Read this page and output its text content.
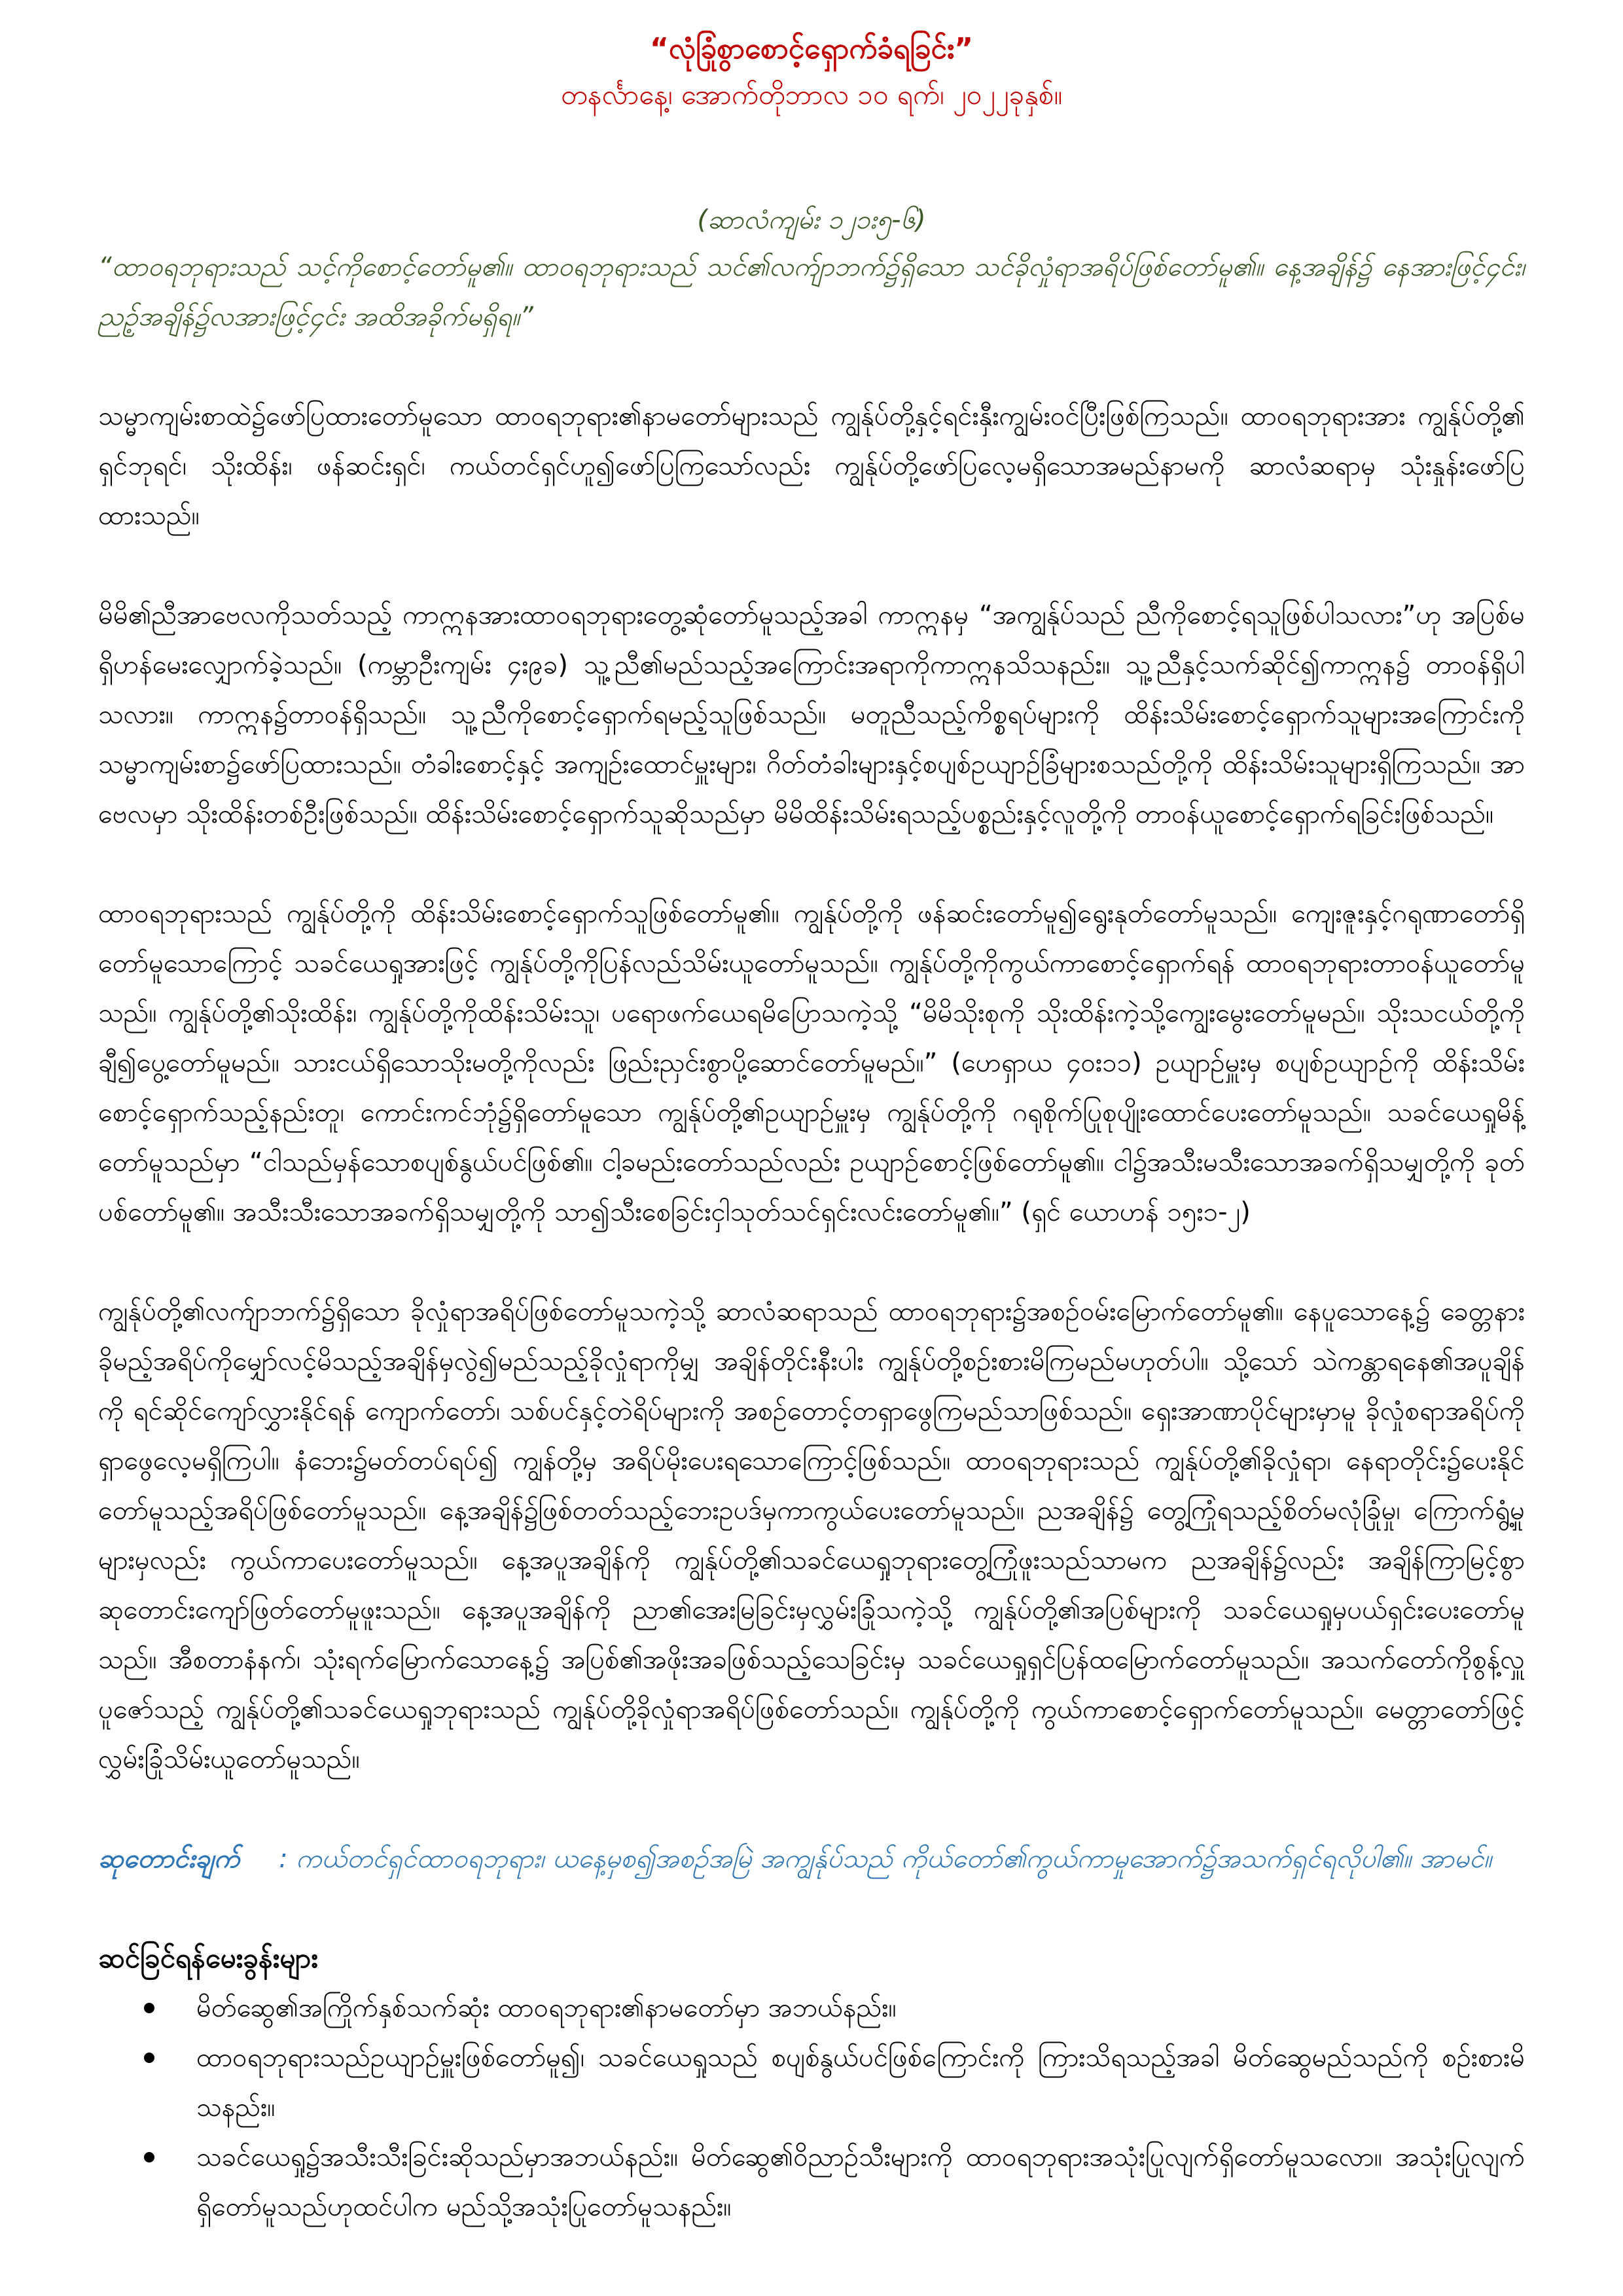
“လုံခြုံစွာစောင့်ရှောက်ခံရခြင်း”
တနင်္လာနေ့၊ အောက်တိုဘာလ ၁၀ ရက်၊ ၂၀၂၂ခုနှစ်။
(ဆာလံကျမ်း ၁၂၁း၅-၆)

“ထာဝရဘုရားသည် သင့်ကိုစောင့်တော်မူ၏။ ထာဝရဘုရားသည် သင်၏လက်ျာဘက်၌ရှိသော သင်ခိုလှုံရာအရိပ်ဖြစ်တော်မူ၏။ နေ့အချိန်၌ နေအားဖြင့်၄င်း၊ ညဥ့်အချိန်၌လအားဖြင့်၄င်း အထိအခိုက်မရှိရ။”

သမ္မာကျမ်းစာထဲ၌ဖော်ပြထားတော်မူသော ထာဝရဘုရား၏နာမတော်များသည် ကျွန်ုပ်တို့နှင့်ရင်းနှီးကျွမ်းဝင်ပြီးဖြစ်ကြသည်။ ထာဝရဘုရားအား ကျွန်ုပ်တို့၏ ရှင်ဘုရင်၊ သိုးထိန်း၊ ဖန်ဆင်းရှင်၊ ကယ်တင်ရှင်ဟူ၍ဖော်ပြကြသော်လည်း ကျွန်ုပ်တို့ဖော်ပြလေ့မရှိသောအမည်နာမကို ဆာလံဆရာမှ သုံးနှုန်းဖော်ပြထားသည်။

မိမိ၏ညီအာဗေလကိုသတ်သည့် ကာဣနအားထာဝရဘုရားတွေ့ဆုံတော်မူသည့်အခါ ကာဣနမှ “အကျွန်ုပ်သည် ညီကိုစောင့်ရသူဖြစ်ပါသလား”ဟု အပြစ်မရှိဟန်မေးလျှောက်ခဲ့သည်။ (ကမ္ဘာဦးကျမ်း ၄း၉ခ) သူ့ညီ၏မည်သည့်အကြောင်းအရာကိုကာဣနသိသနည်း။ သူ့ညီနှင့်သက်ဆိုင်၍ကာဣန၌ တာဝန်ရှိပါသလား။ ကာဣန၌တာဝန်ရှိသည်။ သူ့ညီကိုစောင့်ရှောက်ရမည့်သူဖြစ်သည်။ မတူညီသည့်ကိစ္စရပ်များကို ထိန်းသိမ်းစောင့်ရှောက်သူများအကြောင်းကို သမ္မာကျမ်းစာ၌ဖော်ပြထားသည်။ တံခါးစောင့်နှင့် အကျဉ်းထောင်မှူးများ၊ ဂိတ်တံခါးများနှင့်စပျစ်ဥယျာဉ်ခြံများစသည်တို့ကို ထိန်းသိမ်းသူများရှိကြသည်။ အာဗေလမှာ သိုးထိန်းတစ်ဦးဖြစ်သည်။ ထိန်းသိမ်းစောင့်ရှောက်သူဆိုသည်မှာ မိမိထိန်းသိမ်းရသည့်ပစ္စည်းနှင့်လူတို့ကို တာဝန်ယူစောင့်ရှောက်ရခြင်းဖြစ်သည်။

ထာဝရဘုရားသည် ကျွန်ုပ်တို့ကို ထိန်းသိမ်းစောင့်ရှောက်သူဖြစ်တော်မူ၏။ ကျွန်ုပ်တို့ကို ဖန်ဆင်းတော်မူ၍ရွေးနုတ်တော်မူသည်။ ကျေးဇူးနှင့်ဂရုဏာတော်ရှိတော်မူသောကြောင့် သခင်ယေရှုအားဖြင့် ကျွန်ုပ်တို့ကိုပြန်လည်သိမ်းယူတော်မူသည်။ ကျွန်ုပ်တို့ကိုကွယ်ကာစောင့်ရှောက်ရန် ထာဝရဘုရားတာဝန်ယူတော်မူသည်။ ကျွန်ုပ်တို့၏သိုးထိန်း၊ ကျွန်ုပ်တို့ကိုထိန်းသိမ်းသူ၊ ပရောဖက်ယေရမိပြောသကဲ့သို့ “မိမိသိုးစုကို သိုးထိန်းကဲ့သို့ကျွေးမွေးတော်မူမည်။ သိုးသငယ်တို့ကို ချီ၍ပွေ့တော်မူမည်။ သားငယ်ရှိသောသိုးမတို့ကိုလည်း ဖြည်းညှင်းစွာပို့ဆောင်တော်မူမည်။” (ဟေရှာယ ၄၀း၁၁) ဥယျာဉ်မှူးမှ စပျစ်ဥယျာဉ်ကို ထိန်းသိမ်းစောင့်ရှောက်သည့်နည်းတူ၊ ကောင်းကင်ဘုံ၌ရှိတော်မူသော ကျွန်ုပ်တို့၏ဥယျာဉ်မှူးမှ ကျွန်ုပ်တို့ကို ဂရုစိုက်ပြုစုပျိုးထောင်ပေးတော်မူသည်။ သခင်ယေရှုမိန့်တော်မူသည်မှာ “ငါသည်မှန်သောစပျစ်နွယ်ပင်ဖြစ်၏။ ငါ့ခမည်းတော်သည်လည်း ဥယျာဉ်စောင့်ဖြစ်တော်မူ၏။ ငါ၌အသီးမသီးသောအခက်ရှိသမျှတို့ကို ခုတ်ပစ်တော်မူ၏။ အသီးသီးသောအခက်ရှိသမျှတို့ကို သာ၍သီးစေခြင်းငှါသုတ်သင်ရှင်းလင်းတော်မူ၏။” (ရှင် ယောဟန် ၁၅း၁-၂)

ကျွန်ုပ်တို့၏လက်ျာဘက်၌ရှိသော ခိုလှုံရာအရိပ်ဖြစ်တော်မူသကဲ့သို့ ဆာလံဆရာသည် ထာဝရဘုရား၌အစဉ်ဝမ်းမြောက်တော်မူ၏။ နေပူသောနေ့၌ ခေတ္တနားခိုမည့်အရိပ်ကိုမျှော်လင့်မိသည့်အချိန်မှလွဲ၍မည်သည့်ခိုလှုံရာကိုမျှ အချိန်တိုင်းနီးပါး ကျွန်ုပ်တို့စဉ်းစားမိကြမည်မဟုတ်ပါ။ သို့သော် သဲကန္တာရနေ၏အပူချိန်ကို ရင်ဆိုင်ကျော်လွှားနိုင်ရန် ကျောက်တော်၊ သစ်ပင်နှင့်တဲရိပ်များကို အစဉ်တောင့်တရှာဖွေကြမည်သာဖြစ်သည်။ ရှေးအာဏာပိုင်များမှာမူ ခိုလှုံစရာအရိပ်ကိုရှာဖွေလေ့မရှိကြပါ။ နံဘေး၌မတ်တပ်ရပ်၍ ကျွန်တို့မှ အရိပ်မိုးပေးရသောကြောင့်ဖြစ်သည်။ ထာဝရဘုရားသည် ကျွန်ုပ်တို့၏ခိုလှုံရာ၊ နေရာတိုင်း၌ပေးနိုင်တော်မူသည့်အရိပ်ဖြစ်တော်မူသည်။ နေ့အချိန်၌ဖြစ်တတ်သည့်ဘေးဥပဒ်မှကာကွယ်ပေးတော်မူသည်။ ညအချိန်၌ တွေ့ကြုံရသည့်စိတ်မလုံခြုံမှု၊ ကြောက်ရွံ့မှုများမှလည်း ကွယ်ကာပေးတော်မူသည်။ နေ့အပူအချိန်ကို ကျွန်ုပ်တို့၏သခင်ယေရှုဘုရားတွေ့ကြုံဖူးသည်သာမက ညအချိန်၌လည်း အချိန်ကြာမြင့်စွာဆုတောင်းကျော်ဖြတ်တော်မူဖူးသည်။ နေ့အပူအချိန်ကို ညာ၏အေးမြခြင်းမှလွှမ်းခြုံသကဲ့သို့ ကျွန်ုပ်တို့၏အပြစ်များကို သခင်ယေရှုမှပယ်ရှင်းပေးတော်မူသည်။ အီစတာနံနက်၊ သုံးရက်မြောက်သောနေ့၌ အပြစ်၏အဖိုးအခဖြစ်သည့်သေခြင်းမှ သခင်ယေရှုရှင်ပြန်ထမြောက်တော်မူသည်။ အသက်တော်ကိုစွန့်လှူပူဇော်သည့် ကျွန်ုပ်တို့၏သခင်ယေရှုဘုရားသည် ကျွန်ုပ်တို့ခိုလှုံရာအရိပ်ဖြစ်တော်သည်။ ကျွန်ုပ်တို့ကို ကွယ်ကာစောင့်ရှောက်တော်မူသည်။ မေတ္တာတော်ဖြင့် လွှမ်းခြုံသိမ်းယူတော်မူသည်။

ဆုတောင်းချက် : ကယ်တင်ရှင်ထာဝရဘုရား၊ ယနေ့မှစ၍အစဉ်အမြဲ အကျွန်ုပ်သည် ကိုယ်တော်၏ကွယ်ကာမှုအောက်၌အသက်ရှင်ရလိုပါ၏။ အာမင်။

ဆင်ခြင်ရန်မေးခွန်းများ

မိတ်ဆွေ၏အကြိုက်နှစ်သက်ဆုံး ထာဝရဘုရား၏နာမတော်မှာ အဘယ်နည်း။
ထာဝရဘုရားသည်ဥယျာဉ်မှူးဖြစ်တော်မူ၍၊ သခင်ယေရှုသည် စပျစ်နွယ်ပင်ဖြစ်ကြောင်းကို ကြားသိရသည့်အခါ မိတ်ဆွေမည်သည်ကို စဉ်းစားမိသနည်း။
သခင်ယေရှု၌အသီးသီးခြင်းဆိုသည်မှာအဘယ်နည်း။ မိတ်ဆွေ၏ဝိညာဉ်သီးများကို ထာဝရဘုရားအသုံးပြုလျက်ရှိတော်မူသလော။ အသုံးပြုလျက်ရှိတော်မူသည်ဟုထင်ပါက မည်သို့အသုံးပြုတော်မူသနည်း။
